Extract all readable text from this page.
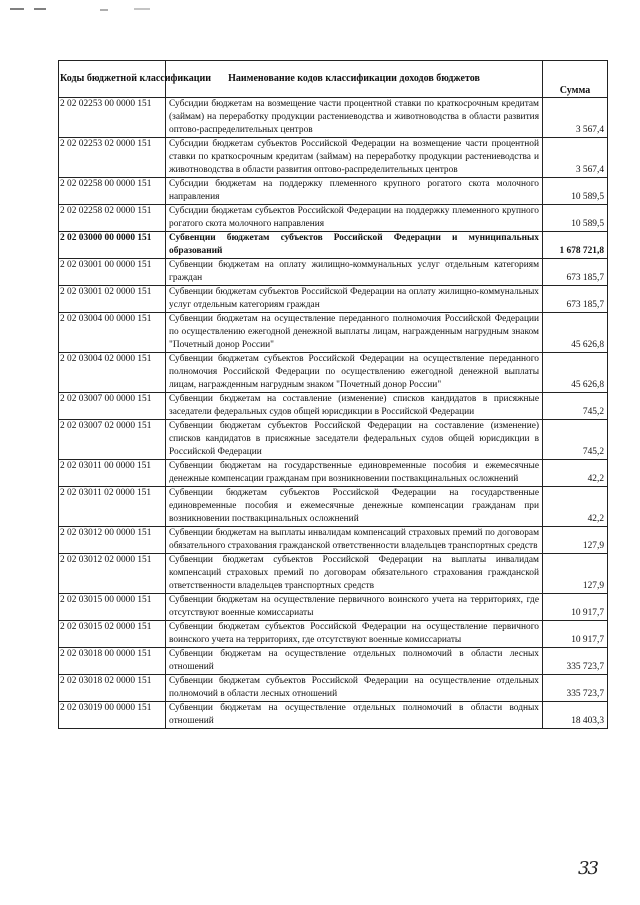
Коды бюджетной классификации	Наименование кодов классификации доходов бюджетов	Сумма
2 02 02253 00 0000 151	Субсидии бюджетам на возмещение части процентной ставки по краткосрочным кредитам (займам) на переработку продукции растениеводства и животноводства в области развития оптово-распределительных центров	3 567,4
2 02 02253 02 0000 151	Субсидии бюджетам субъектов Российской Федерации на возмещение части процентной ставки по краткосрочным кредитам (займам) на переработку продукции растениеводства и животноводства в области развития оптово-распределительных центров	3 567,4
2 02 02258 00 0000 151	Субсидии бюджетам на поддержку племенного крупного рогатого скота молочного направления	10 589,5
2 02 02258 02 0000 151	Субсидии бюджетам субъектов Российской Федерации на поддержку племенного крупного рогатого скота молочного направления	10 589,5
2 02 03000 00 0000 151	Субвенции бюджетам субъектов Российской Федерации и муниципальных образований	1 678 721,8
2 02 03001 00 0000 151	Субвенции бюджетам на оплату жилищно-коммунальных услуг отдельным категориям граждан	673 185,7
2 02 03001 02 0000 151	Субвенции бюджетам субъектов Российской Федерации на оплату жилищно-коммунальных услуг отдельным категориям граждан	673 185,7
2 02 03004 00 0000 151	Субвенции бюджетам на осуществление переданного полномочия Российской Федерации по осуществлению ежегодной денежной выплаты лицам, награжденным нагрудным знаком "Почетный донор России"	45 626,8
2 02 03004 02 0000 151	Субвенции бюджетам субъектов Российской Федерации на осуществление переданного полномочия Российской Федерации по осуществлению ежегодной денежной выплаты лицам, награжденным нагрудным знаком "Почетный донор России"	45 626,8
2 02 03007 00 0000 151	Субвенции бюджетам на составление (изменение) списков кандидатов в присяжные заседатели федеральных судов общей юрисдикции в Российской Федерации	745,2
2 02 03007 02 0000 151	Субвенции бюджетам субъектов Российской Федерации на составление (изменение) списков кандидатов в присяжные заседатели федеральных судов общей юрисдикции в Российской Федерации	745,2
2 02 03011 00 0000 151	Субвенции бюджетам на государственные единовременные пособия и ежемесячные денежные компенсации гражданам при возникновении поствакцинальных осложнений	42,2
2 02 03011 02 0000 151	Субвенции бюджетам субъектов Российской Федерации на государственные единовременные пособия и ежемесячные денежные компенсации гражданам при возникновении поствакцинальных осложнений	42,2
2 02 03012 00 0000 151	Субвенции бюджетам на выплаты инвалидам компенсаций страховых премий по договорам обязательного страхования гражданской ответственности владельцев транспортных средств	127,9
2 02 03012 02 0000 151	Субвенции бюджетам субъектов Российской Федерации на выплаты инвалидам компенсаций страховых премий по договорам обязательного страхования гражданской ответственности владельцев транспортных средств	127,9
2 02 03015 00 0000 151	Субвенции бюджетам на осуществление первичного воинского учета на территориях, где отсутствуют военные комиссариаты	10 917,7
2 02 03015 02 0000 151	Субвенции бюджетам субъектов Российской Федерации на осуществление первичного воинского учета на территориях, где отсутствуют военные комиссариаты	10 917,7
2 02 03018 00 0000 151	Субвенции бюджетам на осуществление отдельных полномочий в области лесных отношений	335 723,7
2 02 03018 02 0000 151	Субвенции бюджетам субъектов Российской Федерации на осуществление отдельных полномочий в области лесных отношений	335 723,7
2 02 03019 00 0000 151	Субвенции бюджетам на осуществление отдельных полномочий в области водных отношений	18 403,3
33
